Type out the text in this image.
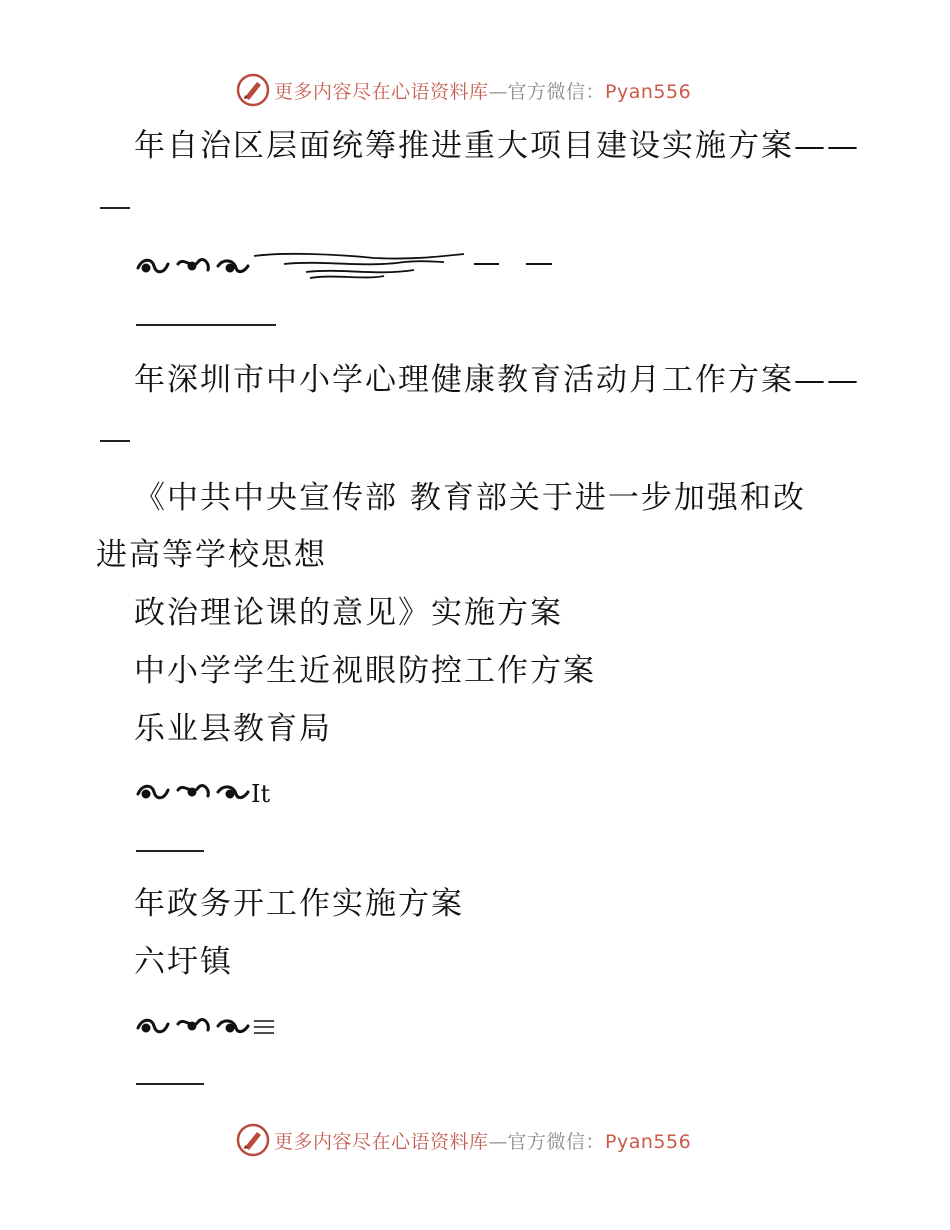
更多内容尽在心语资料库—官方微信：Pyan556
年自治区层面统筹推进重大项目建设实施方案——
年深圳市中小学心理健康教育活动月工作方案——
《中共中央宣传部 教育部关于进一步加强和改
进高等学校思想
政治理论课的意见》实施方案
中小学学生近视眼防控工作方案
乐业县教育局
It
年政务开工作实施方案
六圩镇
更多内容尽在心语资料库—官方微信：Pyan556
